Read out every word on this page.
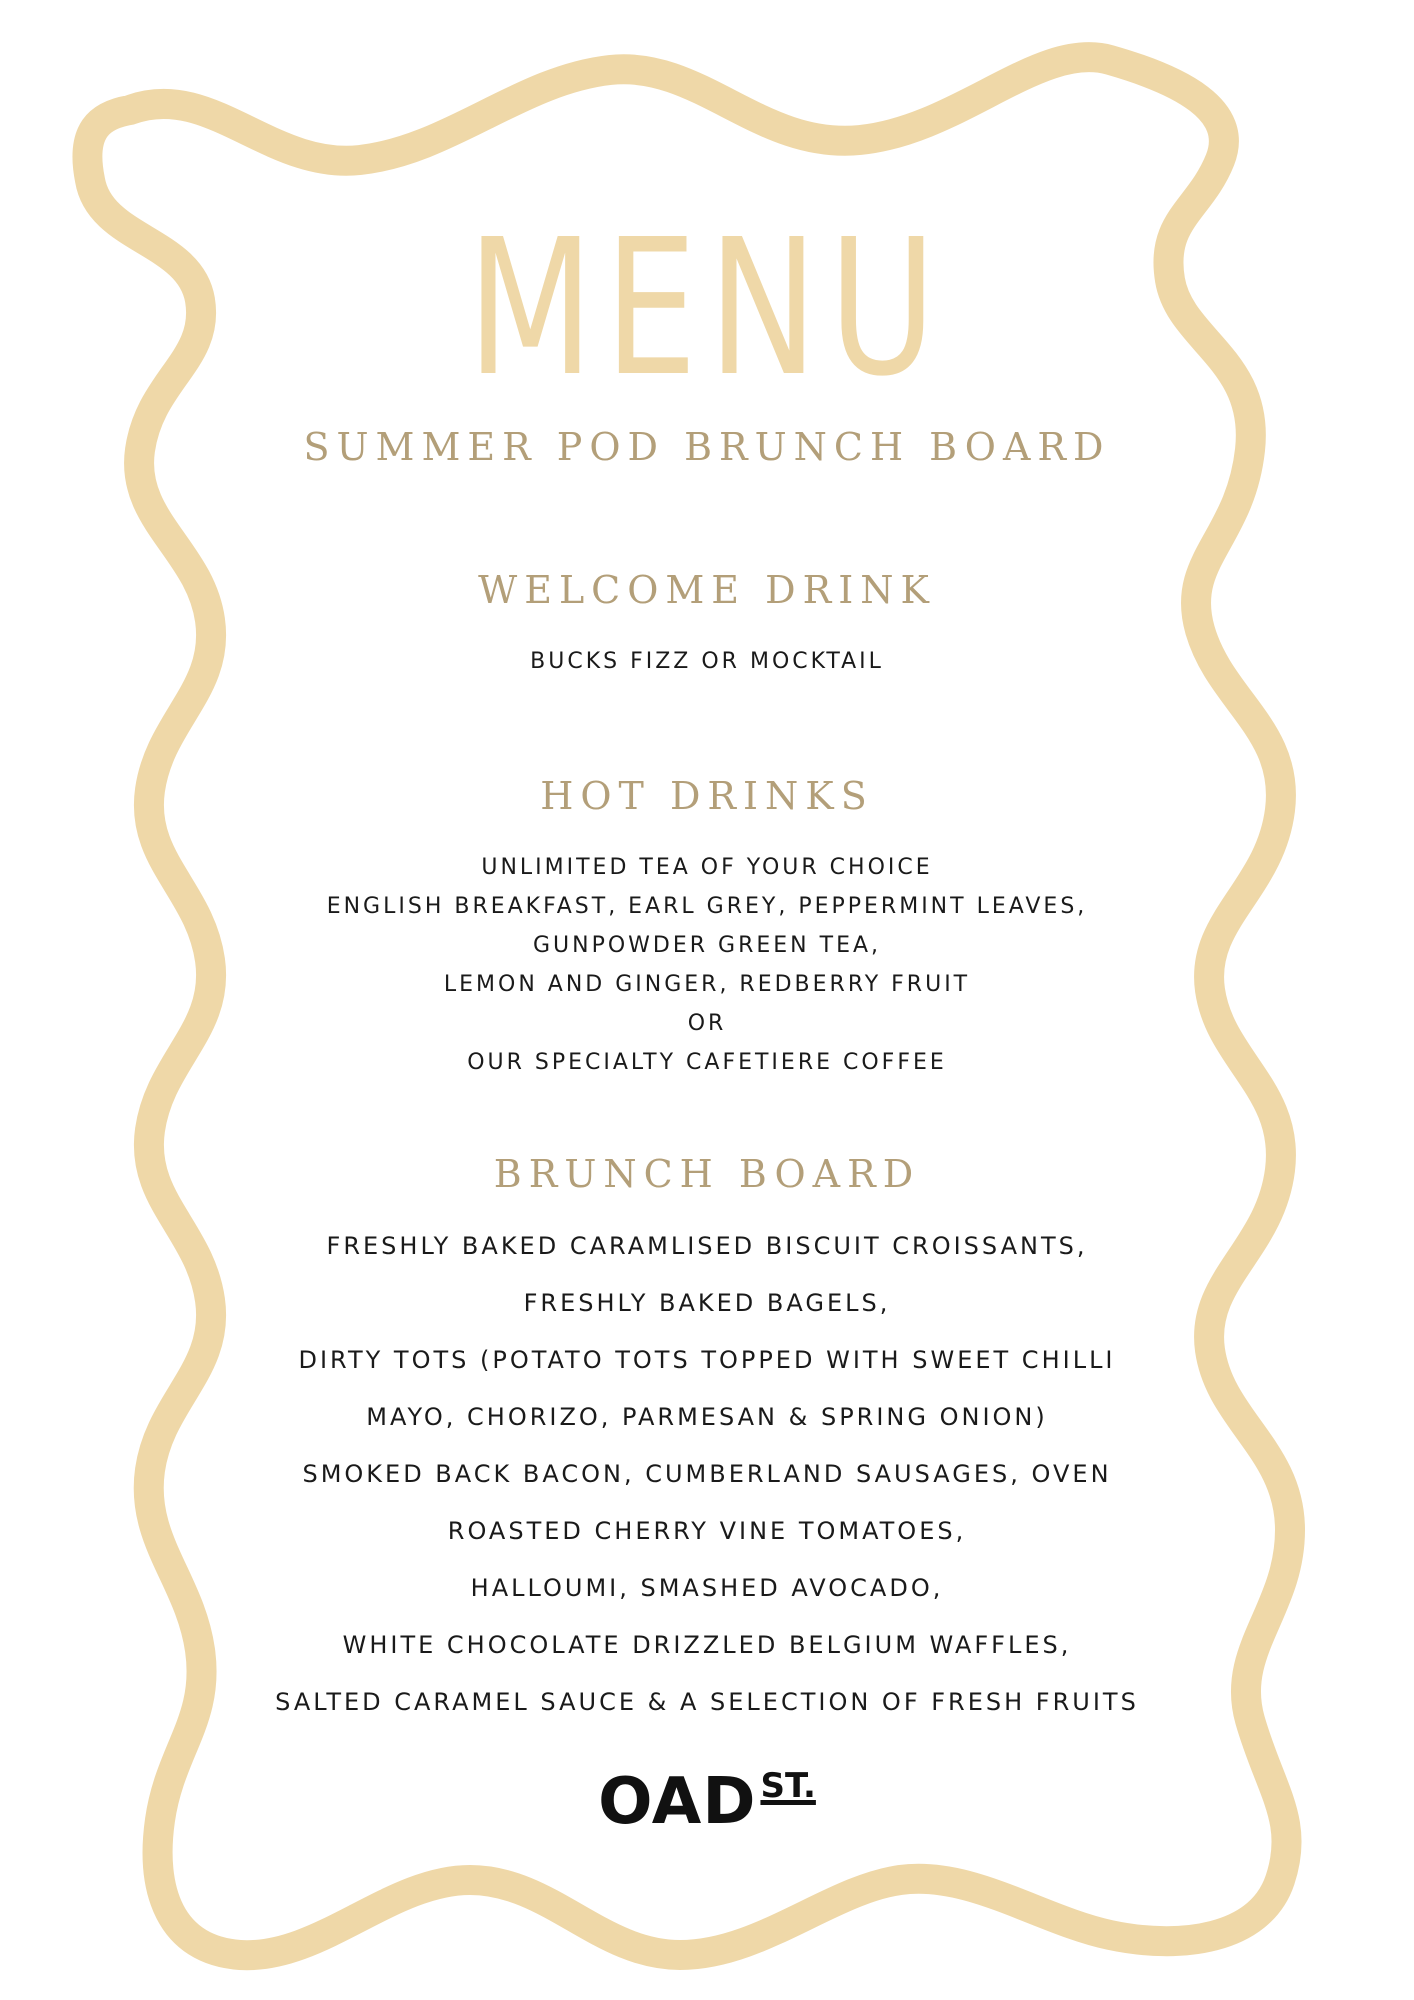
MENU
SUMMER POD BRUNCH BOARD
WELCOME DRINK
BUCKS FIZZ OR MOCKTAIL
HOT DRINKS
UNLIMITED TEA OF YOUR CHOICE
ENGLISH BREAKFAST, EARL GREY, PEPPERMINT LEAVES,
GUNPOWDER GREEN TEA,
LEMON AND GINGER, REDBERRY FRUIT
OR
OUR SPECIALTY CAFETIERE COFFEE
BRUNCH BOARD
FRESHLY BAKED CARAMLISED BISCUIT CROISSANTS,
FRESHLY BAKED BAGELS,
DIRTY TOTS (POTATO TOTS TOPPED WITH SWEET CHILLI
MAYO, CHORIZO, PARMESAN & SPRING ONION)
SMOKED BACK BACON, CUMBERLAND SAUSAGES, OVEN
ROASTED CHERRY VINE TOMATOES,
HALLOUMI, SMASHED AVOCADO,
WHITE CHOCOLATE DRIZZLED BELGIUM WAFFLES,
SALTED CARAMEL SAUCE & A SELECTION OF FRESH FRUITS
OAD ST.
